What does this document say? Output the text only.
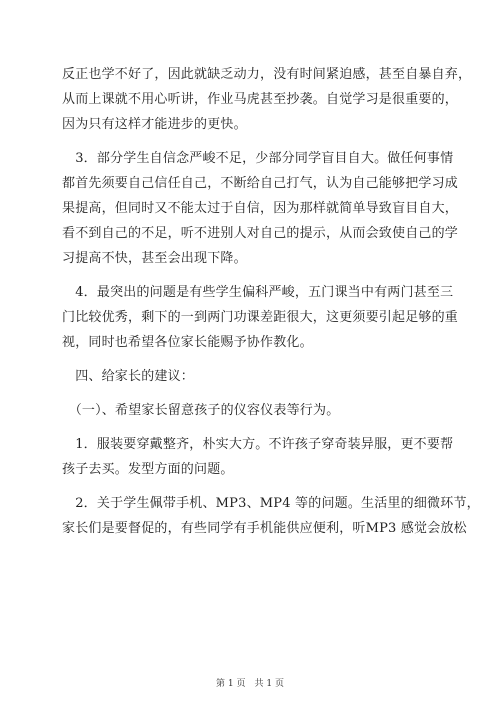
反正也学不好了，因此就缺乏动力，没有时间紧迫感，甚至自暴自弃，
从而上课就不用心听讲，作业马虎甚至抄袭。自觉学习是很重要的，
因为只有这样才能进步的更快。
　3．部分学生自信念严峻不足，少部分同学盲目自大。做任何事情
都首先须要自己信任自己，不断给自己打气，认为自己能够把学习成
果提高，但同时又不能太过于自信，因为那样就简单导致盲目自大，
看不到自己的不足，听不进别人对自己的提示，从而会致使自己的学
习提高不快，甚至会出现下降。
　4．最突出的问题是有些学生偏科严峻，五门课当中有两门甚至三
门比较优秀，剩下的一到两门功课差距很大，这更须要引起足够的重
视，同时也希望各位家长能赐予协作教化。
　四、给家长的建议：
　（一）、希望家长留意孩子的仪容仪表等行为。
　1．服装要穿戴整齐，朴实大方。不许孩子穿奇装异服，更不要帮
孩子去买。发型方面的问题。
　2．关于学生佩带手机、MP3、MP4 等的问题。生活里的细微环节，
家长们是要督促的，有些同学有手机能供应便利，听MP3 感觉会放松
第 1 页　共 1 页
